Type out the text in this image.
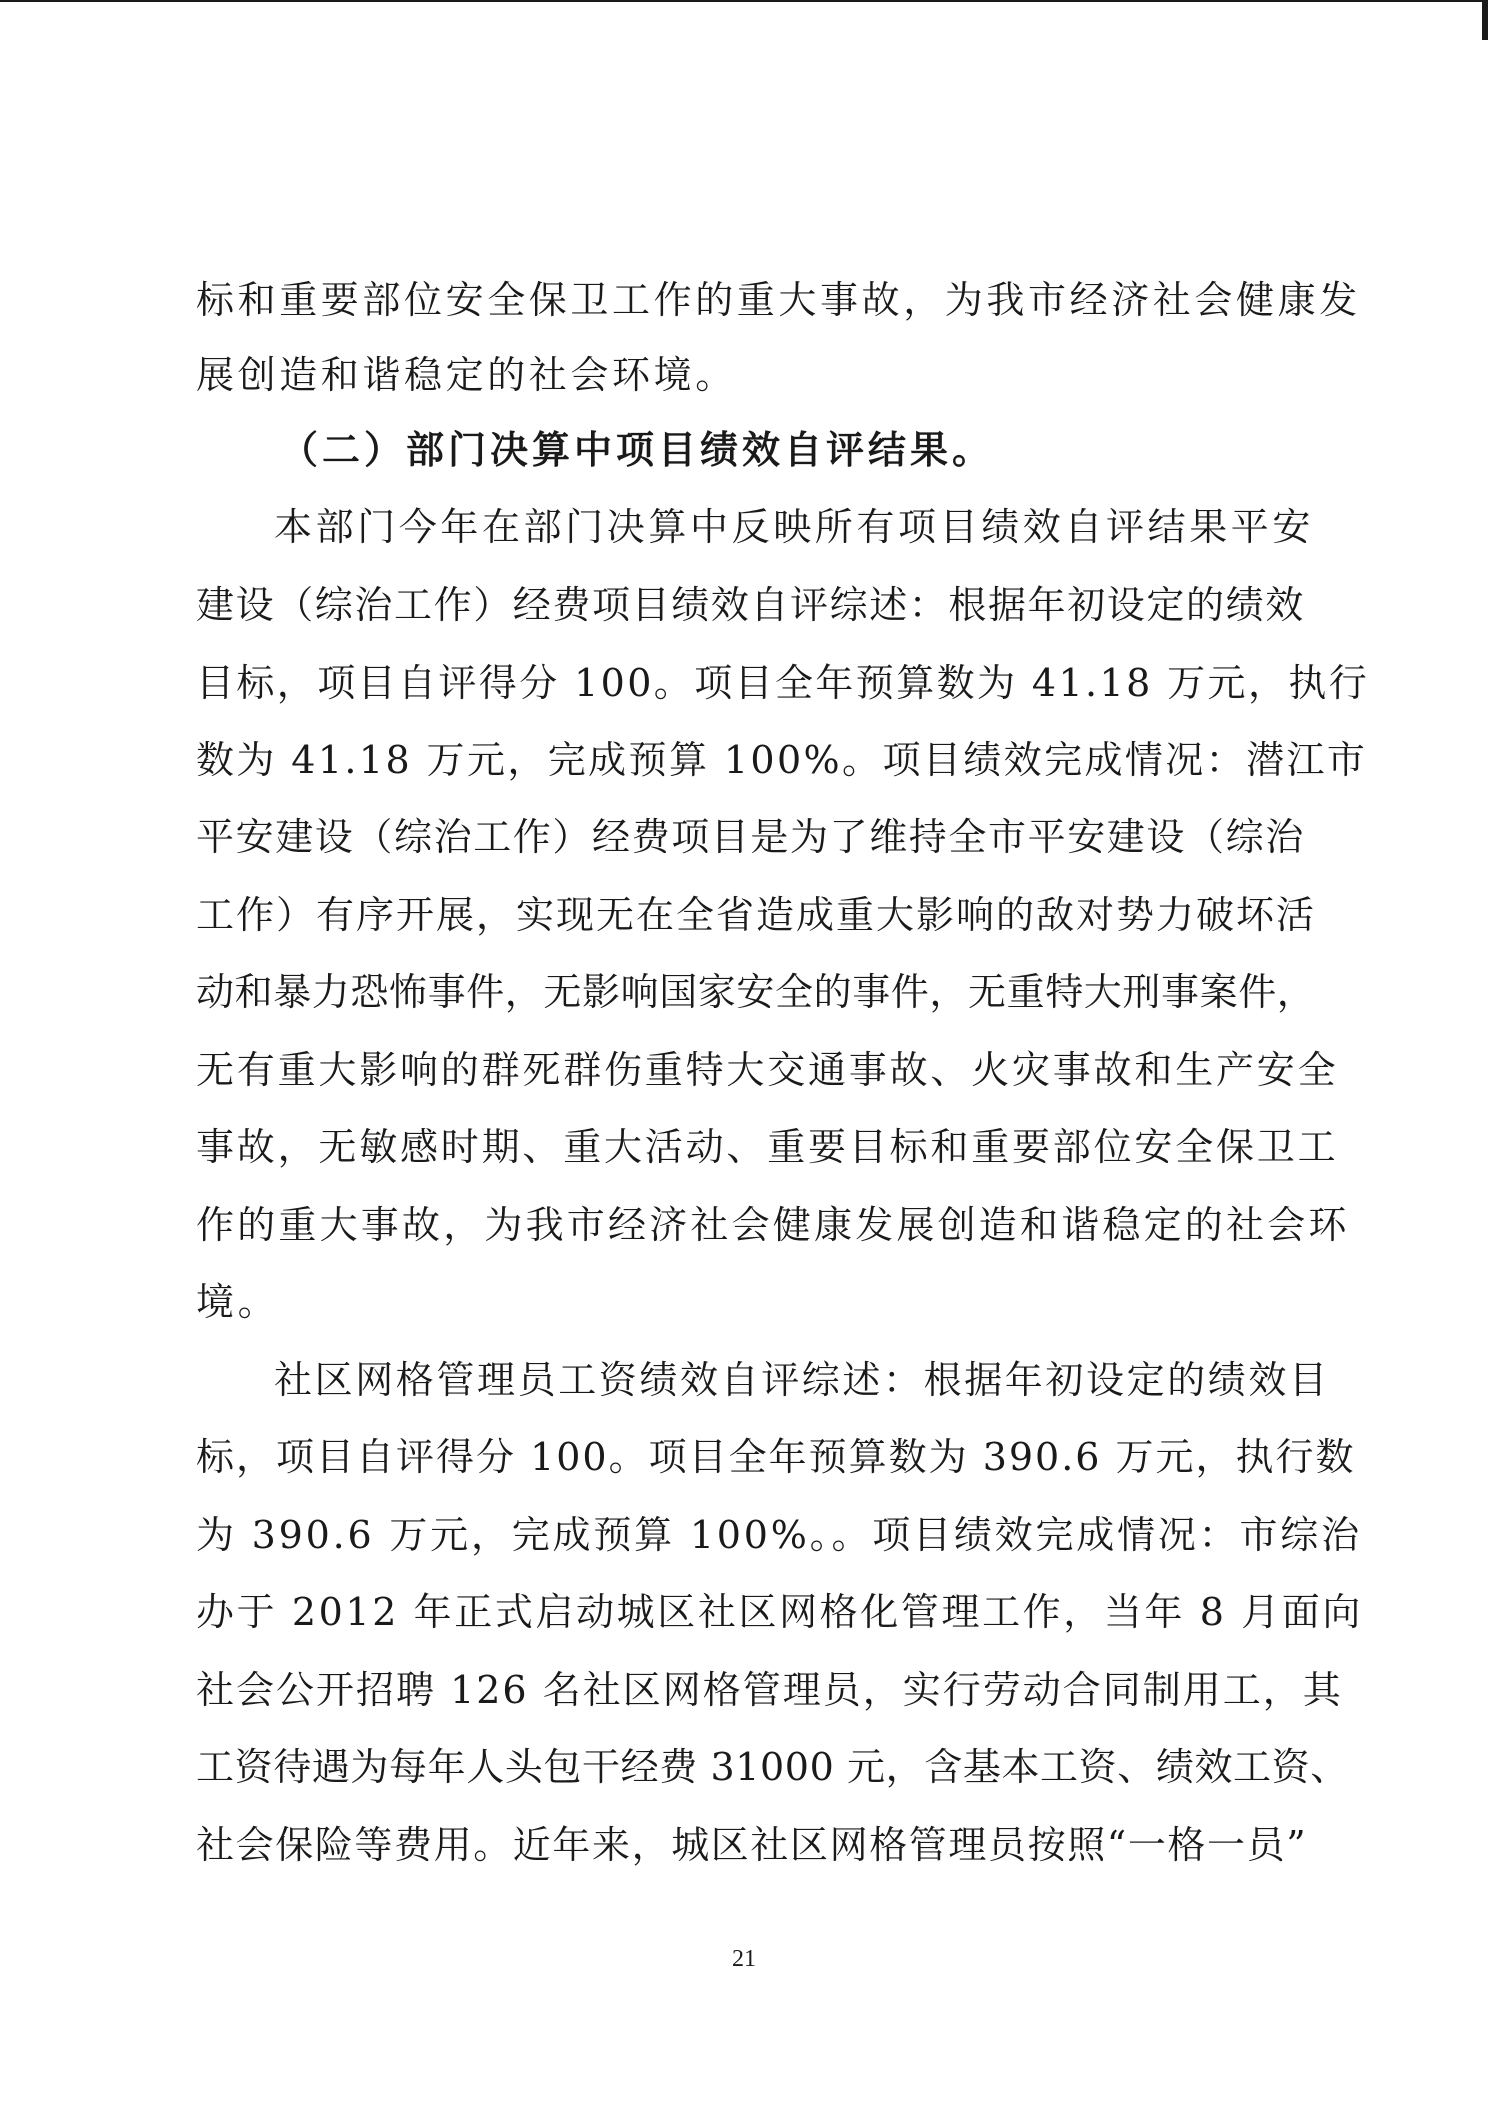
标和重要部位安全保卫工作的重大事故，为我市经济社会健康发
展创造和谐稳定的社会环境。
（二）部门决算中项目绩效自评结果。
本部门今年在部门决算中反映所有项目绩效自评结果平安
建设（综治工作）经费项目绩效自评综述：根据年初设定的绩效
目标，项目自评得分 100。项目全年预算数为 41.18 万元，执行
数为 41.18 万元，完成预算 100%。项目绩效完成情况：潜江市
平安建设（综治工作）经费项目是为了维持全市平安建设（综治
工作）有序开展，实现无在全省造成重大影响的敌对势力破坏活
动和暴力恐怖事件，无影响国家安全的事件，无重特大刑事案件，
无有重大影响的群死群伤重特大交通事故、火灾事故和生产安全
事故，无敏感时期、重大活动、重要目标和重要部位安全保卫工
作的重大事故，为我市经济社会健康发展创造和谐稳定的社会环
境。
社区网格管理员工资绩效自评综述：根据年初设定的绩效目
标，项目自评得分 100。项目全年预算数为 390.6 万元，执行数
为 390.6 万元，完成预算 100%。。项目绩效完成情况：市综治
办于 2012 年正式启动城区社区网格化管理工作，当年 8 月面向
社会公开招聘 126 名社区网格管理员，实行劳动合同制用工，其
工资待遇为每年人头包干经费 31000 元，含基本工资、绩效工资、
社会保险等费用。近年来，城区社区网格管理员按照“一格一员”
21
